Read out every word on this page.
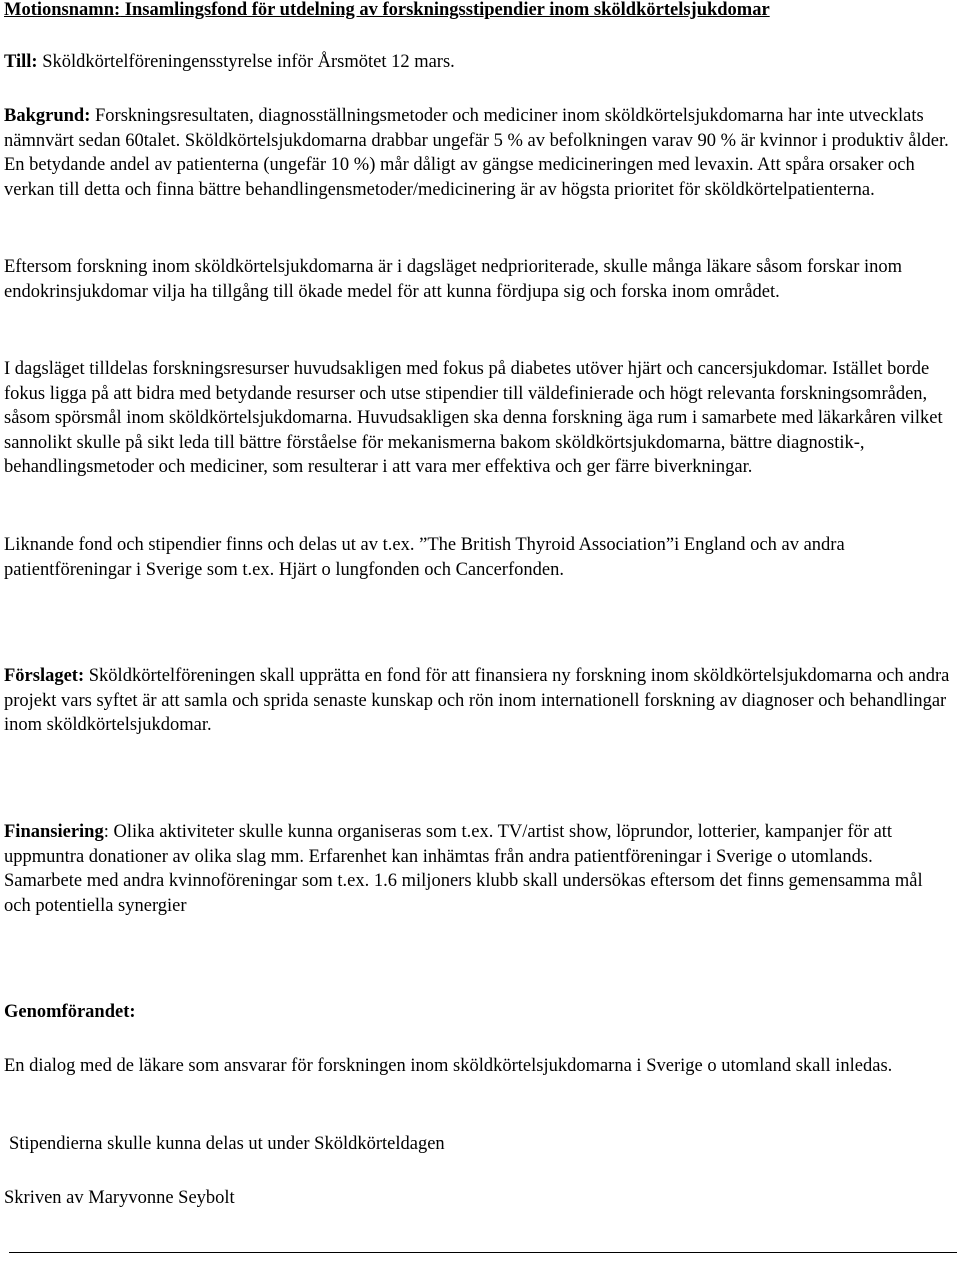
Motionsnamn: Insamlingsfond för utdelning av forskningsstipendier inom sköldkörtelsjukdomar

Till: Sköldkörtelföreningensstyrelse inför Årsmötet 12 mars.

Bakgrund: Forskningsresultaten, diagnosställningsmetoder och mediciner inom sköldkörtelsjukdomarna har inte utvecklats nämnvärt sedan 60talet. Sköldkörtelsjukdomarna drabbar ungefär 5 % av befolkningen varav 90 % är kvinnor i produktiv ålder. En betydande andel av patienterna (ungefär 10 %) mår dåligt av gängse medicineringen med levaxin. Att spåra orsaker och verkan till detta och finna bättre behandlingensmetoder/medicinering är av högsta prioritet för sköldkörtelpatienterna.

Eftersom forskning inom sköldkörtelsjukdomarna är i dagsläget nedprioriterade, skulle många läkare såsom forskar inom endokrinsjukdomar vilja ha tillgång till ökade medel för att kunna fördjupa sig och forska inom området.

I dagsläget tilldelas forskningsresurser huvudsakligen med fokus på diabetes utöver hjärt och cancersjukdomar. Istället borde fokus ligga på att bidra med betydande resurser och utse stipendier till väldefinierade och högt relevanta forskningsområden, såsom spörsmål inom sköldkörtelsjukdomarna. Huvudsakligen ska denna forskning äga rum i samarbete med läkarkåren vilket sannolikt skulle på sikt leda till bättre förståelse för mekanismerna bakom sköldkörtsjukdomarna, bättre diagnostik-, behandlingsmetoder och mediciner, som resulterar i att vara mer effektiva och ger färre biverkningar.

Liknande fond och stipendier finns och delas ut av t.ex. ”The British Thyroid Association”i England och av andra patientföreningar i Sverige som t.ex. Hjärt o lungfonden och Cancerfonden.

Förslaget: Sköldkörtelföreningen skall upprätta en fond för att finansiera ny forskning inom sköldkörtelsjukdomarna och andra projekt vars syftet är att samla och sprida senaste kunskap och rön inom internationell forskning av diagnoser och behandlingar inom sköldkörtelsjukdomar.

Finansiering: Olika aktiviteter skulle kunna organiseras som t.ex. TV/artist show, löprundor, lotterier, kampanjer för att uppmuntra donationer av olika slag mm. Erfarenhet kan inhämtas från andra patientföreningar i Sverige o utomlands. Samarbete med andra kvinnoföreningar som t.ex. 1.6 miljoners klubb skall undersökas eftersom det finns gemensamma mål och potentiella synergier

Genomförandet:

En dialog med de läkare som ansvarar för forskningen inom sköldkörtelsjukdomarna i Sverige o utomland skall inledas.

Stipendierna skulle kunna delas ut under Sköldkörteldagen

Skriven av Maryvonne Seybolt
